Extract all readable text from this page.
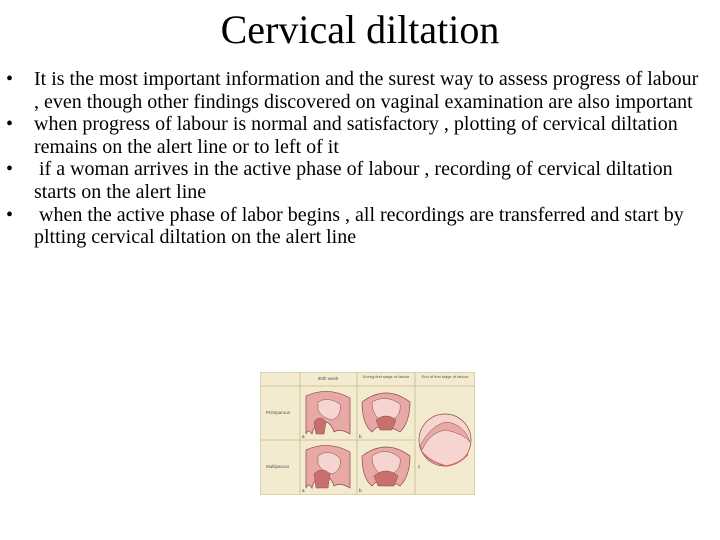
Cervical diltation
• It is the most important information and the surest way to assess progress of labour , even though other findings discovered on vaginal examination are also important
• when progress of labour is normal and satisfactory , plotting of cervical diltation remains on the alert line or to left of it
• if a woman arrives in the active phase of labour , recording of cervical diltation starts on the alert line
• when the active phase of labor begins , all recordings are transferred and start by pltting cervical diltation on the alert line
30th week	During first stage of labour	End of first stage of labour
Primiparous
Multiparous
a	b
c
a	b
